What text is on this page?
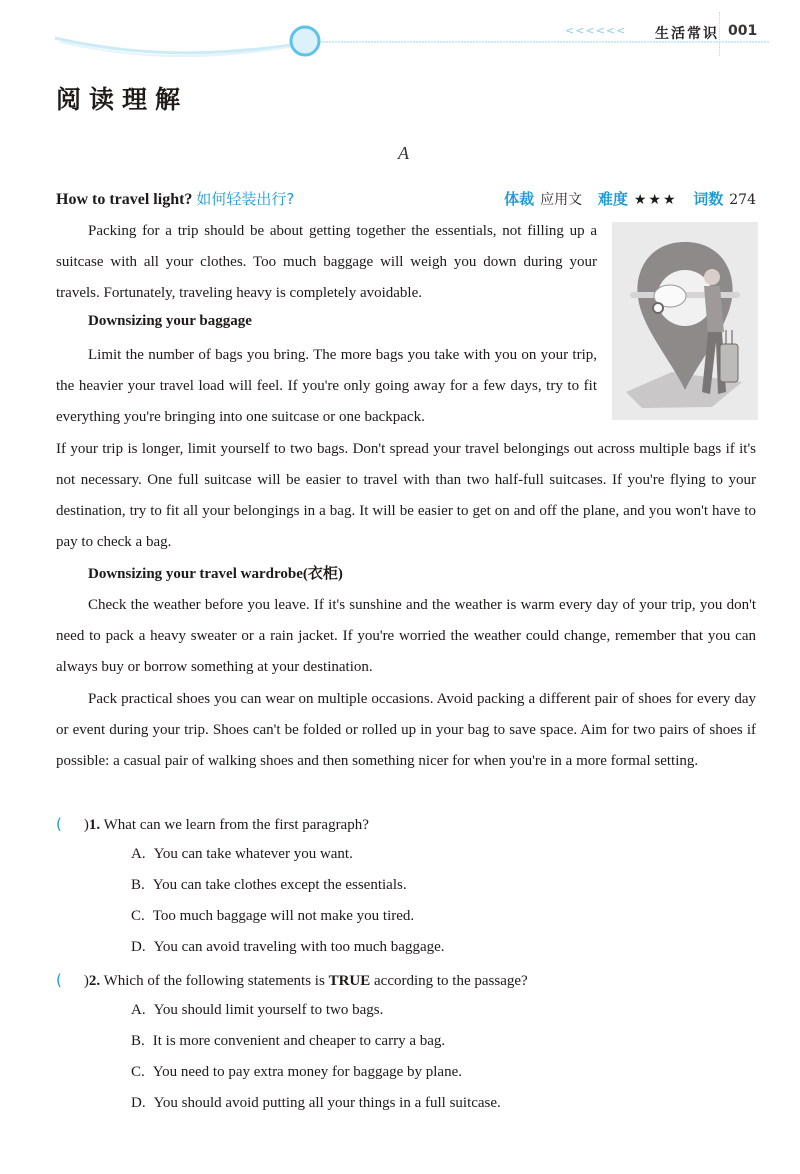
<<<<<< 生活常识 001
阅读理解
A
How to travel light? 如何轻装出行?	体裁 应用文 难度 ★★★ 词数 274

Packing for a trip should be about getting together the essentials, not filling up a suitcase with all your clothes. Too much baggage will weigh you down during your travels. Fortunately, traveling heavy is completely avoidable.

Downsizing your baggage

Limit the number of bags you bring. The more bags you take with you on your trip, the heavier your travel load will feel. If you're only going away for a few days, try to fit everything you're bringing into one suitcase or one backpack.

If your trip is longer, limit yourself to two bags. Don't spread your travel belongings out across multiple bags if it's not necessary. One full suitcase will be easier to travel with than two half-full suitcases. If you're flying to your destination, try to fit all your belongings in a bag. It will be easier to get on and off the plane, and you won't have to pay to check a bag.

Downsizing your travel wardrobe(衣柜)

Check the weather before you leave. If it's sunshine and the weather is warm every day of your trip, you don't need to pack a heavy sweater or a rain jacket. If you're worried the weather could change, remember that you can always buy or borrow something at your destination.

Pack practical shoes you can wear on multiple occasions. Avoid packing a different pair of shoes for every day or event during your trip. Shoes can't be folded or rolled up in your bag to save space. Aim for two pairs of shoes if possible: a casual pair of walking shoes and then something nicer for when you're in a more formal setting.

( )1. What can we learn from the first paragraph?
A. You can take whatever you want.
B. You can take clothes except the essentials.
C. Too much baggage will not make you tired.
D. You can avoid traveling with too much baggage.
( )2. Which of the following statements is TRUE according to the passage?
A. You should limit yourself to two bags.
B. It is more convenient and cheaper to carry a bag.
C. You need to pay extra money for baggage by plane.
D. You should avoid putting all your things in a full suitcase.
